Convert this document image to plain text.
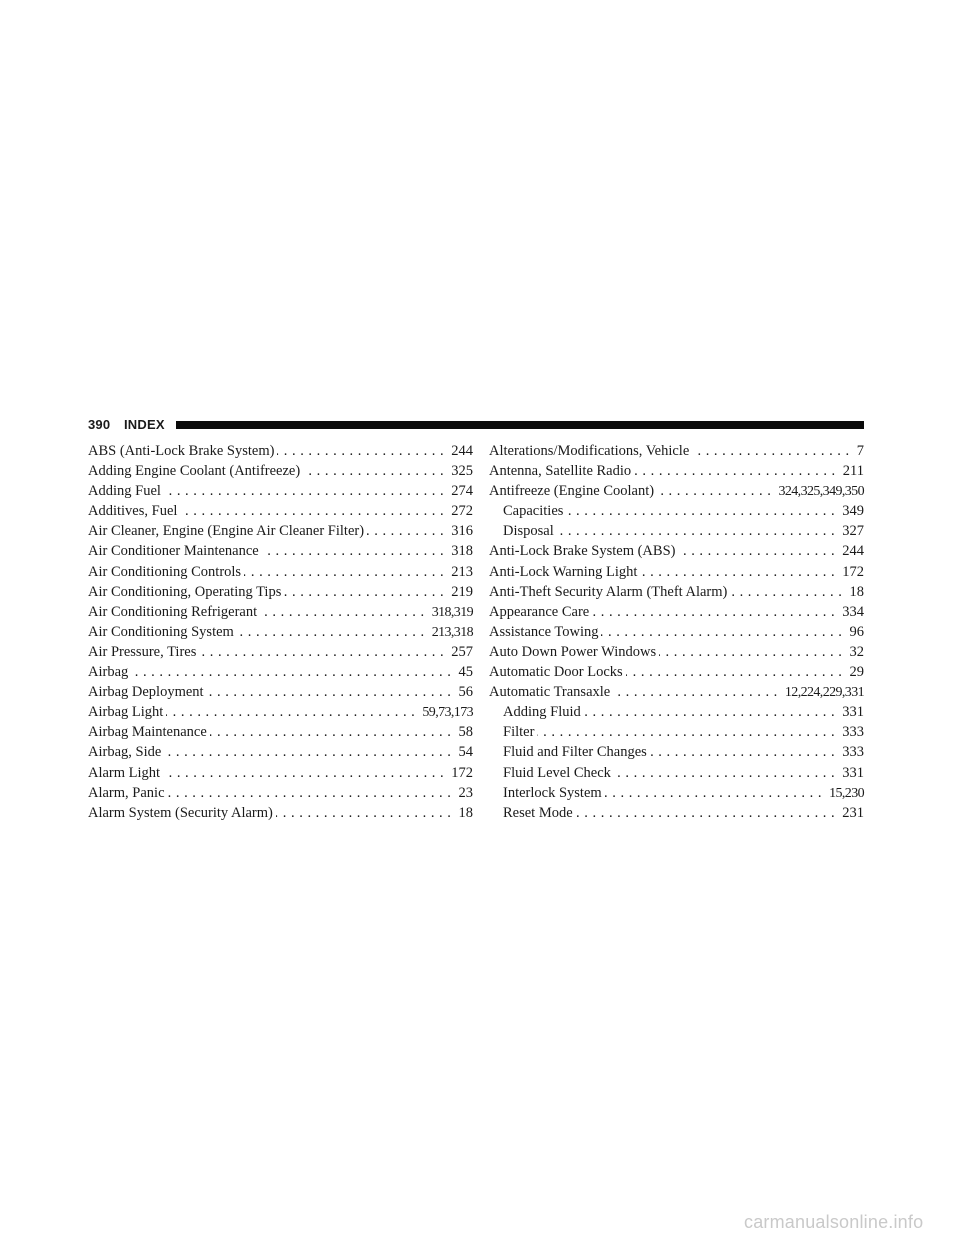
390 INDEX
ABS (Anti-Lock Brake System) .....	244
Adding Engine Coolant (Antifreeze) .....	325
Adding Fuel .....	274
Additives, Fuel .....	272
Air Cleaner, Engine (Engine Air Cleaner Filter) .....	316
Air Conditioner Maintenance .....	318
Air Conditioning Controls .....	213
Air Conditioning, Operating Tips .....	219
Air Conditioning Refrigerant .....	318,319
Air Conditioning System .....	213,318
Air Pressure, Tires .....	257
Airbag .....	45
Airbag Deployment .....	56
Airbag Light .....	59,73,173
Airbag Maintenance .....	58
Airbag, Side .....	54
Alarm Light .....	172
Alarm, Panic .....	23
Alarm System (Security Alarm) .....	18
Alterations/Modifications, Vehicle .....	7
Antenna, Satellite Radio .....	211
Antifreeze (Engine Coolant) .....	324,325,349,350
Capacities .....	349
Disposal .....	327
Anti-Lock Brake System (ABS) .....	244
Anti-Lock Warning Light .....	172
Anti-Theft Security Alarm (Theft Alarm) .....	18
Appearance Care .....	334
Assistance Towing .....	96
Auto Down Power Windows .....	32
Automatic Door Locks .....	29
Automatic Transaxle .....	12,224,229,331
Adding Fluid .....	331
Filter .....	333
Fluid and Filter Changes .....	333
Fluid Level Check .....	331
Interlock System .....	15,230
Reset Mode .....	231
carmanualsonline.info
